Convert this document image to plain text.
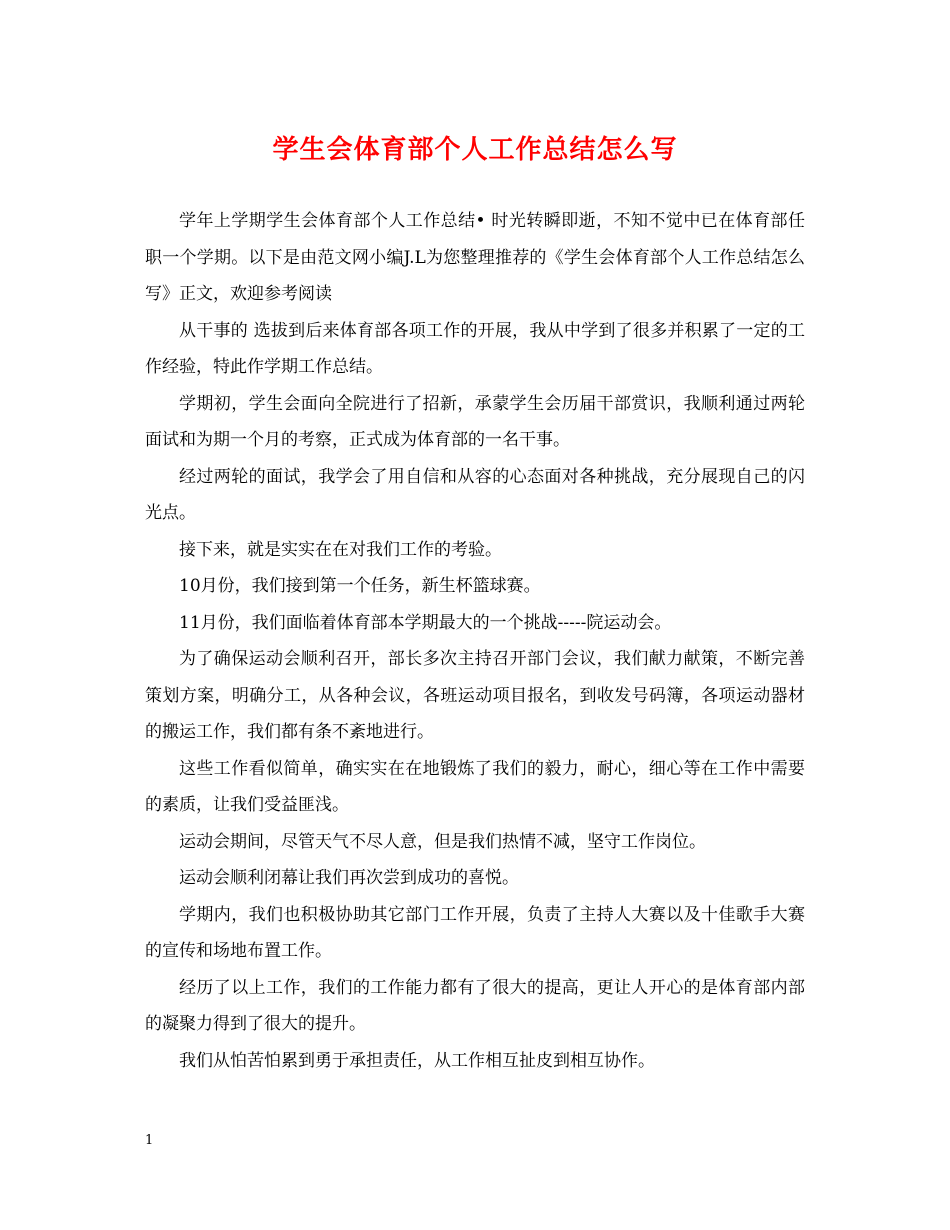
学生会体育部个人工作总结怎么写

学年上学期学生会体育部个人工作总结• 时光转瞬即逝，不知不觉中已在体育部任职一个学期。以下是由范文网小编J.L为您整理推荐的《学生会体育部个人工作总结怎么写》正文，欢迎参考阅读

从干事的 选拔到后来体育部各项工作的开展，我从中学到了很多并积累了一定的工作经验，特此作学期工作总结。

学期初，学生会面向全院进行了招新，承蒙学生会历届干部赏识，我顺利通过两轮面试和为期一个月的考察，正式成为体育部的一名干事。

经过两轮的面试，我学会了用自信和从容的心态面对各种挑战，充分展现自己的闪光点。

接下来，就是实实在在对我们工作的考验。

10月份，我们接到第一个任务，新生杯篮球赛。

11月份，我们面临着体育部本学期最大的一个挑战-----院运动会。

为了确保运动会顺利召开，部长多次主持召开部门会议，我们献力献策，不断完善策划方案，明确分工，从各种会议，各班运动项目报名，到收发号码簿，各项运动器材的搬运工作，我们都有条不紊地进行。

这些工作看似简单，确实实在在地锻炼了我们的毅力，耐心，细心等在工作中需要的素质，让我们受益匪浅。

运动会期间，尽管天气不尽人意，但是我们热情不减，坚守工作岗位。

运动会顺利闭幕让我们再次尝到成功的喜悦。

学期内，我们也积极协助其它部门工作开展，负责了主持人大赛以及十佳歌手大赛的宣传和场地布置工作。

经历了以上工作，我们的工作能力都有了很大的提高，更让人开心的是体育部内部的凝聚力得到了很大的提升。

我们从怕苦怕累到勇于承担责任，从工作相互扯皮到相互协作。

1
